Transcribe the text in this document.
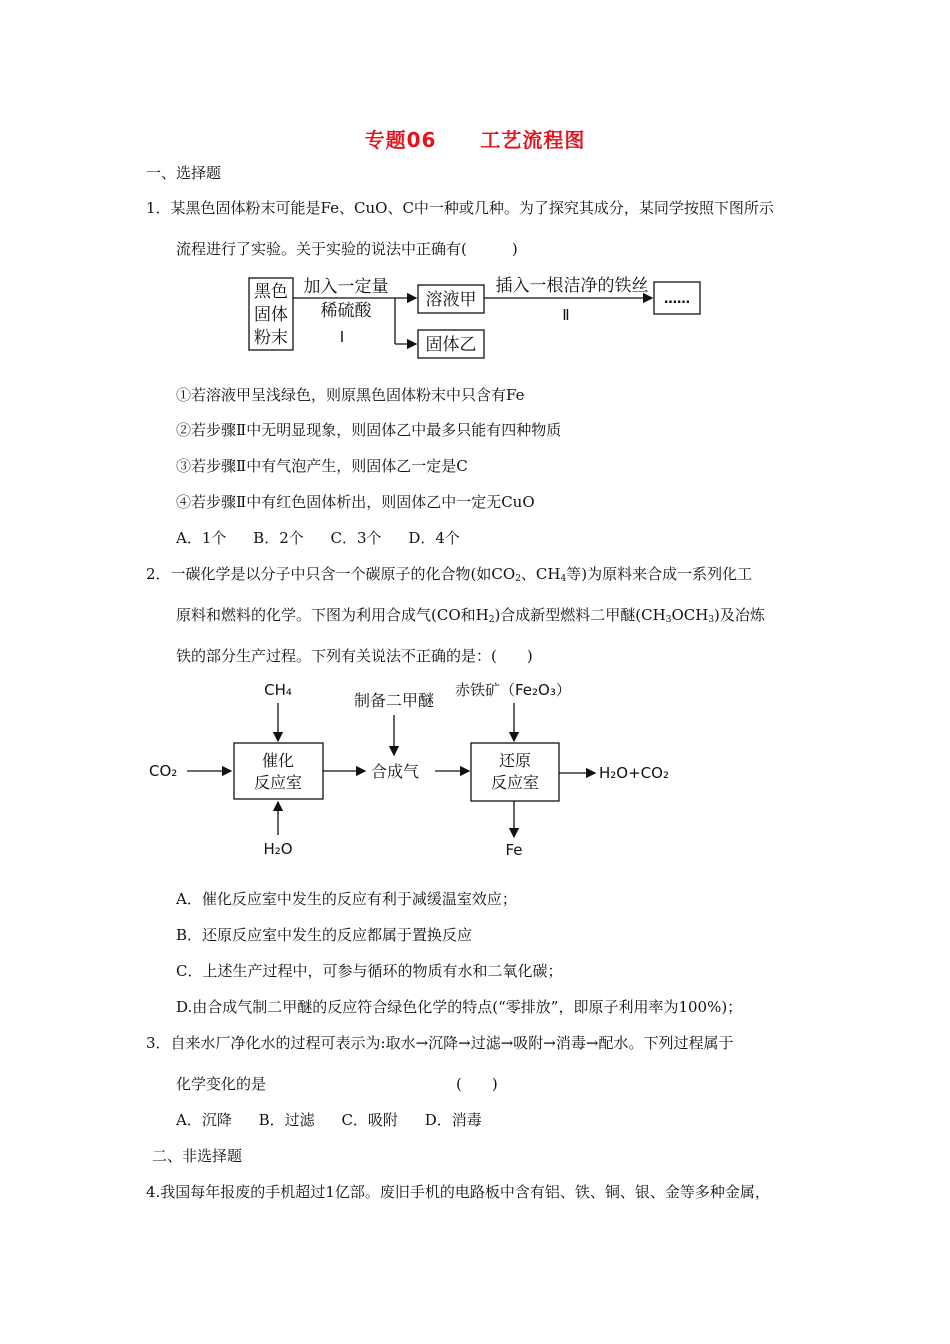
专题06 工艺流程图
一、选择题
1．某黑色固体粉末可能是Fe、CuO、C中一种或几种。为了探究其成分，某同学按照下图所示
流程进行了实验。关于实验的说法中正确有(　　　)
黑色
固体
粉末
加入一定量
稀硫酸
Ⅰ
溶液甲
固体乙
插入一根洁净的铁丝
Ⅱ
……
①若溶液甲呈浅绿色，则原黑色固体粉末中只含有Fe
②若步骤Ⅱ中无明显现象，则固体乙中最多只能有四种物质
③若步骤Ⅱ中有气泡产生，则固体乙一定是C
④若步骤Ⅱ中有红色固体析出，则固体乙中一定无CuO
A．1个 B．2个 C．3个 D．4个
2．一碳化学是以分子中只含一个碳原子的化合物(如$CO_2$、$CH_4$等)为原料来合成一系列化工
原料和燃料的化学。下图为利用合成气(CO和$H_2$)合成新型燃料二甲醚$(CH_3OCH_3)$及冶炼
铁的部分生产过程。下列有关说法不正确的是：(　　)
CH₄
CO₂
催化
反应室
H₂O
制备二甲醚
合成气
赤铁矿（Fe₂O₃）
还原
反应室	H₂O+CO₂
Fe
A．催化反应室中发生的反应有利于减缓温室效应；
B．还原反应室中发生的反应都属于置换反应
C．上述生产过程中，可参与循环的物质有水和二氧化碳；
D.由合成气制二甲醚的反应符合绿色化学的特点(“零排放”，即原子利用率为100%)；
3．自来水厂净化水的过程可表示为:取水→沉降→过滤→吸附→消毒→配水。下列过程属于
化学变化的是	(　　)
A．沉降 B．过滤 C．吸附 D．消毒
二、非选择题
4.我国每年报废的手机超过1亿部。废旧手机的电路板中含有铝、铁、铜、银、金等多种金属，
